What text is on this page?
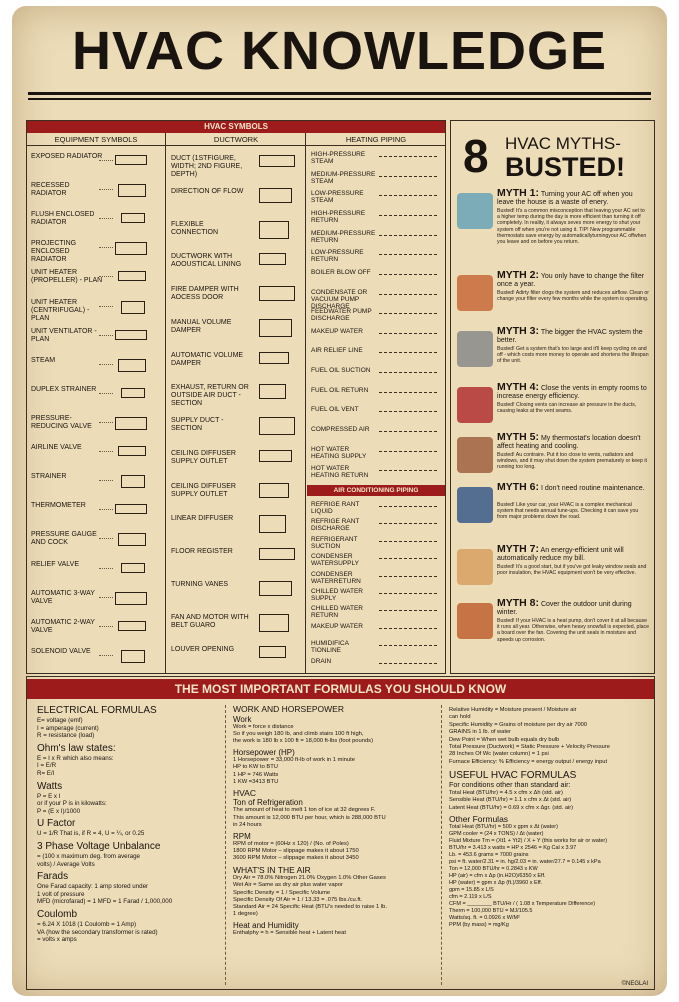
HVAC KNOWLEDGE
HVAC SYMBOLS
EQUIPMENT SYMBOLS	DUCTWORK	HEATING PIPING
EXPOSED RADIATOR
RECESSED RADIATOR
FLUSH ENCLOSED RADIATOR
PROJECTING ENCLOSED RADIATOR
UNIT HEATER (PROPELLER) - PLAN
UNIT HEATER (CENTRIFUGAL) - PLAN
UNIT VENTILATOR - PLAN
STEAM
DUPLEX STRAINER
PRESSURE-REDUCING VALVE
AIRLINE VALVE
STRAINER
THERMOMETER
PRESSURE GAUGE AND COCK
RELIEF VALVE
AUTOMATIC 3-WAY VALVE
AUTOMATIC 2-WAY VALVE
SOLENOID VALVE
DUCT (1STFIGURE, WIDTH; 2ND FIGURE, DEPTH)
DIRECTION OF FLOW
FLEXIBLE CONNECTION
DUCTWORK WITH AOOUSTICAL LINING
FIRE DAMPER WITH AOCESS DOOR
MANUAL VOLUME DAMPER
AUTOMATIC VOLUME DAMPER
EXHAUST, RETURN OR OUTSIDE AIR DUCT - SECTION
SUPPLY DUCT - SECTION
CEILING DIFFUSER SUPPLY OUTLET
CEILING DIFFUSER SUPPLY OUTLET
LINEAR DIFFUSER
FLOOR REGISTER
TURNING VANES
FAN AND MOTOR WITH BELT GUARO
LOUVER OPENING
HIGH-PRESSURE STEAM
MEDIUM-PRESSURE STEAM
LOW-PRESSURE STEAM
HIGH-PRESSURE RETURN
MEDIUM-PRESSURE RETURN
LOW-PRESSURE RETURN
BOILER BLOW OFF
CONDENSATE OR VACUUM PUMP DISCHARGE
FEEDWATER PUMP DISCHARGE
MAKEUP WATER
AIR RELIEF LINE
FUEL OIL SUCTION
FUEL OIL RETURN
FUEL OIL VENT
COMPRESSED AIR
HOT WATER HEATING SUPPLY
HOT WATER HEATING RETURN
AIR CONDITIONING PIPING
REFRIGE RANT LIQUID
REFRIGE RANT DISCHARGE
REFRIGERANT SUCTION
CONDENSER WATERSUPPLY
CONDENSER WATERRETURN
CHILLED WATER SUPPLY
CHILLED WATER RETURN
MAKEUP WATER
HUMIDIFICA TIONLINE
DRAIN
8 HVAC MYTHS-
BUSTED!
MYTH 1: Turning your AC off when you leave the house is a waste of enery.
Busted! It's a common misconception that leaving your AC set to a higher temp during the day is more efficient than turning it off completely. In reality, it always seves more energy to shut your system off when you're not using it. TIP! New programmable thermostats save energy by automaticallyturningyour AC offwhen you leave and on before you return.
MYTH 2: You only have to change the filter once a year.
Busted! Adirty filter clogs the system and reduces airflow. Clean or change your filter every few months while the system is operating.
MYTH 3: The bigger the HVAC system the better.
Busted! Get a system that's too large and it'll keep cycling on and off - which costs more money to operate and shortens the lifespan of the unit.
MYTH 4: Close the vents in empty rooms to increase energy efficiency.
Busted! Closing vents can increase air pressure in the ducts, causing leaks at the vent seams.
MYTH 5: My thermostat's location doesn't affect heating and cooling.
Busted! Au contraire. Put it too close to vents, radiators and windows, and it may shut down the system prematurely or keep it running too long.
MYTH 6: I don't need routine maintenance.
Busted! Like your car, your HVAC is a complex mechanical system that needs annual tune-ups. Checking it can save you from major problems down the road.
MYTH 7: An energy-efficient unit will automatically reduce my bill.
Busted! It's a good start, but if you've got leaky window seals and poor insulation, the HVAC equipment won't be very effective.
MYTH 8: Cover the outdoor unit during winter.
Busted! If your HVAC is a heat pump, don't cover it at all because it runs all year. Otherwise, when heavy snowfall is expected, place a board over the fan. Covering the unit seals in moisture and speeds up corrosion.
THE MOST IMPORTANT FORMULAS YOU SHOULD KNOW
ELECTRICAL FORMULAS
E= voltage (emf)
I = amperage (current)
R = resistance (load)
Ohm's law states:
E = I x R which also means:
I = E/R
R= E/I
Watts
P = E x I
or if your P is in kilowatts:
P = (E x I)/1000
U Factor
U = 1/R That is, if R = 4, U = ¼, or 0.25
3 Phase Voltage Unbalance
= (100 x maximum deg. from average
volts) / Average Volts
Farads
One Farad capacity: 1 amp stored under
1 volt of pressure
MFD (microfarad) = 1 MFD = 1 Farad / 1,000,000
Coulomb
= 6.24 X 1018 (1 Coulomb = 1 Amp)
VA (how the secondary transformer is rated)
= volts x amps
WORK AND HORSEPOWER
Work
Work = force x distance
So if you weigh 180 lb, and climb stairs 100 ft high,
the work is 180 lb x 100 ft = 18,000 ft-lbs (foot pounds)
Horsepower (HP)
1 Horsepower = 33,000 ft-lb of work in 1 minute
HP to KW to BTU
1 HP = 746 Watts
1 KW =3413 BTU
HVAC
Ton of Refrigeration
The amount of heat to melt 1 ton of ice at 32 degrees F.
This amount is 12,000 BTU per hour, which is 288,000 BTU
in 24 hours
RPM
RPM of motor = (60Hz x 120) / (No. of Poles)
1800 RPM Motor – slippage makes it about 1750
3600 RPM Motor – slippage makes it about 3450
WHAT'S IN THE AIR
Dry Air = 78.0% Nitrogen 21.0% Oxygen 1.0% Other Gases
Wet Air = Same as dry air plus water vapor
Specific Density = 1 / Specific Volume
Specific Density Of Air = 1 / 13.33 = .075 lbs./cu.ft.
Standard Air = 24 Specific Heat (BTU's needed to raise 1 lb.
1 degree)
Heat and Humidity
Enthalphy = h = Sensible heat + Latent heat
Relative Humidity = Moisture present / Moisture air
can hold
Specific Humidity = Grains of moisture per dry air 7000
GRAINS in 1 lb. of water
Dew Point = When wet bulb equals dry bulb
Total Pressure (Ductwork) = Static Pressure + Velocity Pressure
28 Inches Of Wc (water column) = 1 psi
Furnace Efficiency: % Efficiency = energy output / energy input
USEFUL HVAC FORMULAS
For conditions other than standard air:
Total Heat (BTU/hr) = 4.5 x cfm x Δh (std. air)
Sensible Heat (BTU/hr) = 1.1 x cfm x Δt (std. air)
Latent Heat (BTU/hr) = 0.69 x cfm x Δgr. (std. air)
Other Formulas
Total Heat (BTU/hr) = 500 x gpm x Δt (water)
GPM cooler = (24 x TONS) / Δt (water)
Fluid Mixture Tm = (Xt1 + Yt2) / X + Y (this works for air or water)
BTU/hr = 3.413 x watts = HP x 2546 = Kg Cal x 3.97
Lb. = 453.6 grams = 7000 grains
psi = ft. water/2.31 = in. hg/2.03 = in. water/27.7 = 0.145 x kPa
Ton = 12,000 BTU/hr = 0.2843 x KW
HP (air) = cfm x Δp (in.H2O)/6350 x Eff.
HP (water) = gpm x Δp (ft.)/3960 x Eff.
gpm = 15.85 x L/S
cfm = 2.119 x L/S
CFM = ________ BTU/Hr / ( 1.08 x Temperature Difference)
Therm = 100,000 BTU = MJ/105.5
Watts/sq. ft. = 0.0926 x W/M²
PPM (by mass) = mg/Kg
©NEGLAI
